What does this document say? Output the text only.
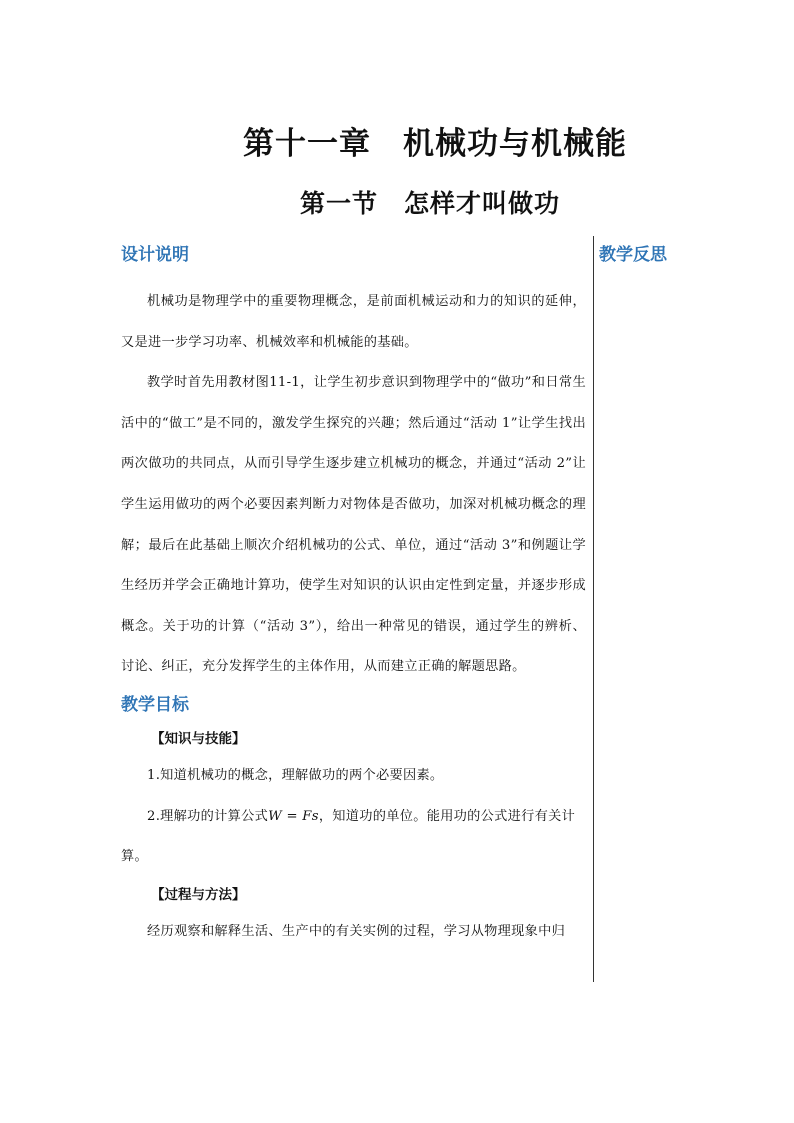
第十一章　机械功与机械能
第一节　怎样才叫做功

教学反思

设计说明

机械功是物理学中的重要物理概念，是前面机械运动和力的知识的延伸，又是进一步学习功率、机械效率和机械能的基础。

教学时首先用教材图11-1，让学生初步意识到物理学中的“做功”和日常生活中的“做工”是不同的，激发学生探究的兴趣；然后通过“活动 1”让学生找出两次做功的共同点，从而引导学生逐步建立机械功的概念，并通过“活动 2”让学生运用做功的两个必要因素判断力对物体是否做功，加深对机械功概念的理解；最后在此基础上顺次介绍机械功的公式、单位，通过“活动 3”和例题让学生经历并学会正确地计算功，使学生对知识的认识由定性到定量，并逐步形成概念。关于功的计算（“活动 3”），给出一种常见的错误，通过学生的辨析、讨论、纠正，充分发挥学生的主体作用，从而建立正确的解题思路。

教学目标

【知识与技能】

1.知道机械功的概念，理解做功的两个必要因素。

2.理解功的计算公式W = Fs，知道功的单位。能用功的公式进行有关计算。

【过程与方法】

经历观察和解释生活、生产中的有关实例的过程，学习从物理现象中归
